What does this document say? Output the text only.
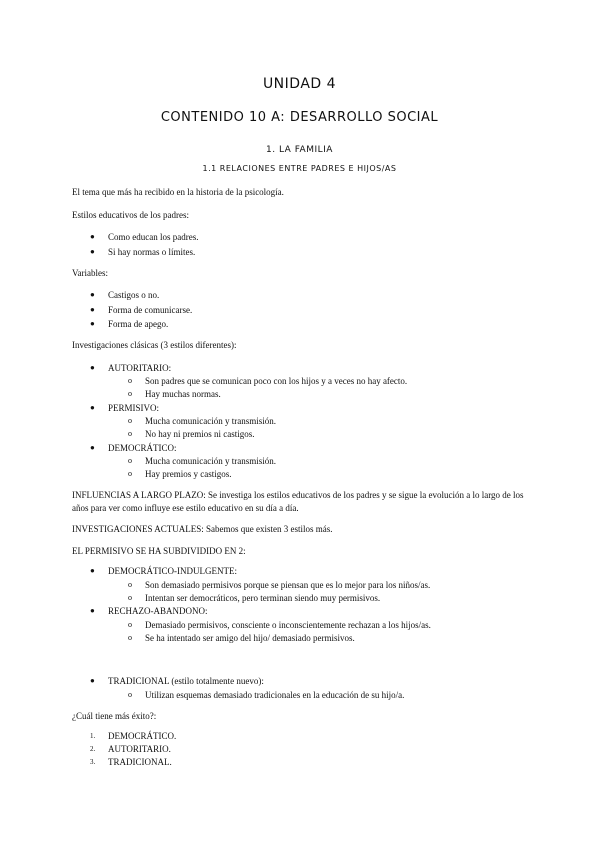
UNIDAD 4
CONTENIDO 10 A: DESARROLLO SOCIAL
1. LA FAMILIA
1.1 RELACIONES ENTRE PADRES E HIJOS/AS
El tema que más ha recibido en la historia de la psicología.
Estilos educativos de los padres:
● Como educan los padres.
● Si hay normas o límites.
Variables:
● Castigos o no.
● Forma de comunicarse.
● Forma de apego.
Investigaciones clásicas (3 estilos diferentes):
● AUTORITARIO:
o Son padres que se comunican poco con los hijos y a veces no hay afecto.
o Hay muchas normas.
● PERMISIVO:
o Mucha comunicación y transmisión.
o No hay ni premios ni castigos.
● DEMOCRÁTICO:
o Mucha comunicación y transmisión.
o Hay premios y castigos.
INFLUENCIAS A LARGO PLAZO: Se investiga los estilos educativos de los padres y se sigue la evolución a lo largo de los años para ver como influye ese estilo educativo en su día a día.
INVESTIGACIONES ACTUALES: Sabemos que existen 3 estilos más.
EL PERMISIVO SE HA SUBDIVIDIDO EN 2:
● DEMOCRÁTICO-INDULGENTE:
o Son demasiado permisivos porque se piensan que es lo mejor para los niños/as.
o Intentan ser democráticos, pero terminan siendo muy permisivos.
● RECHAZO-ABANDONO:
o Demasiado permisivos, consciente o inconscientemente rechazan a los hijos/as.
o Se ha intentado ser amigo del hijo/ demasiado permisivos.
● TRADICIONAL (estilo totalmente nuevo):
o Utilizan esquemas demasiado tradicionales en la educación de su hijo/a.
¿Cuál tiene más éxito?:
1. DEMOCRÁTICO.
2. AUTORITARIO.
3. TRADICIONAL.
